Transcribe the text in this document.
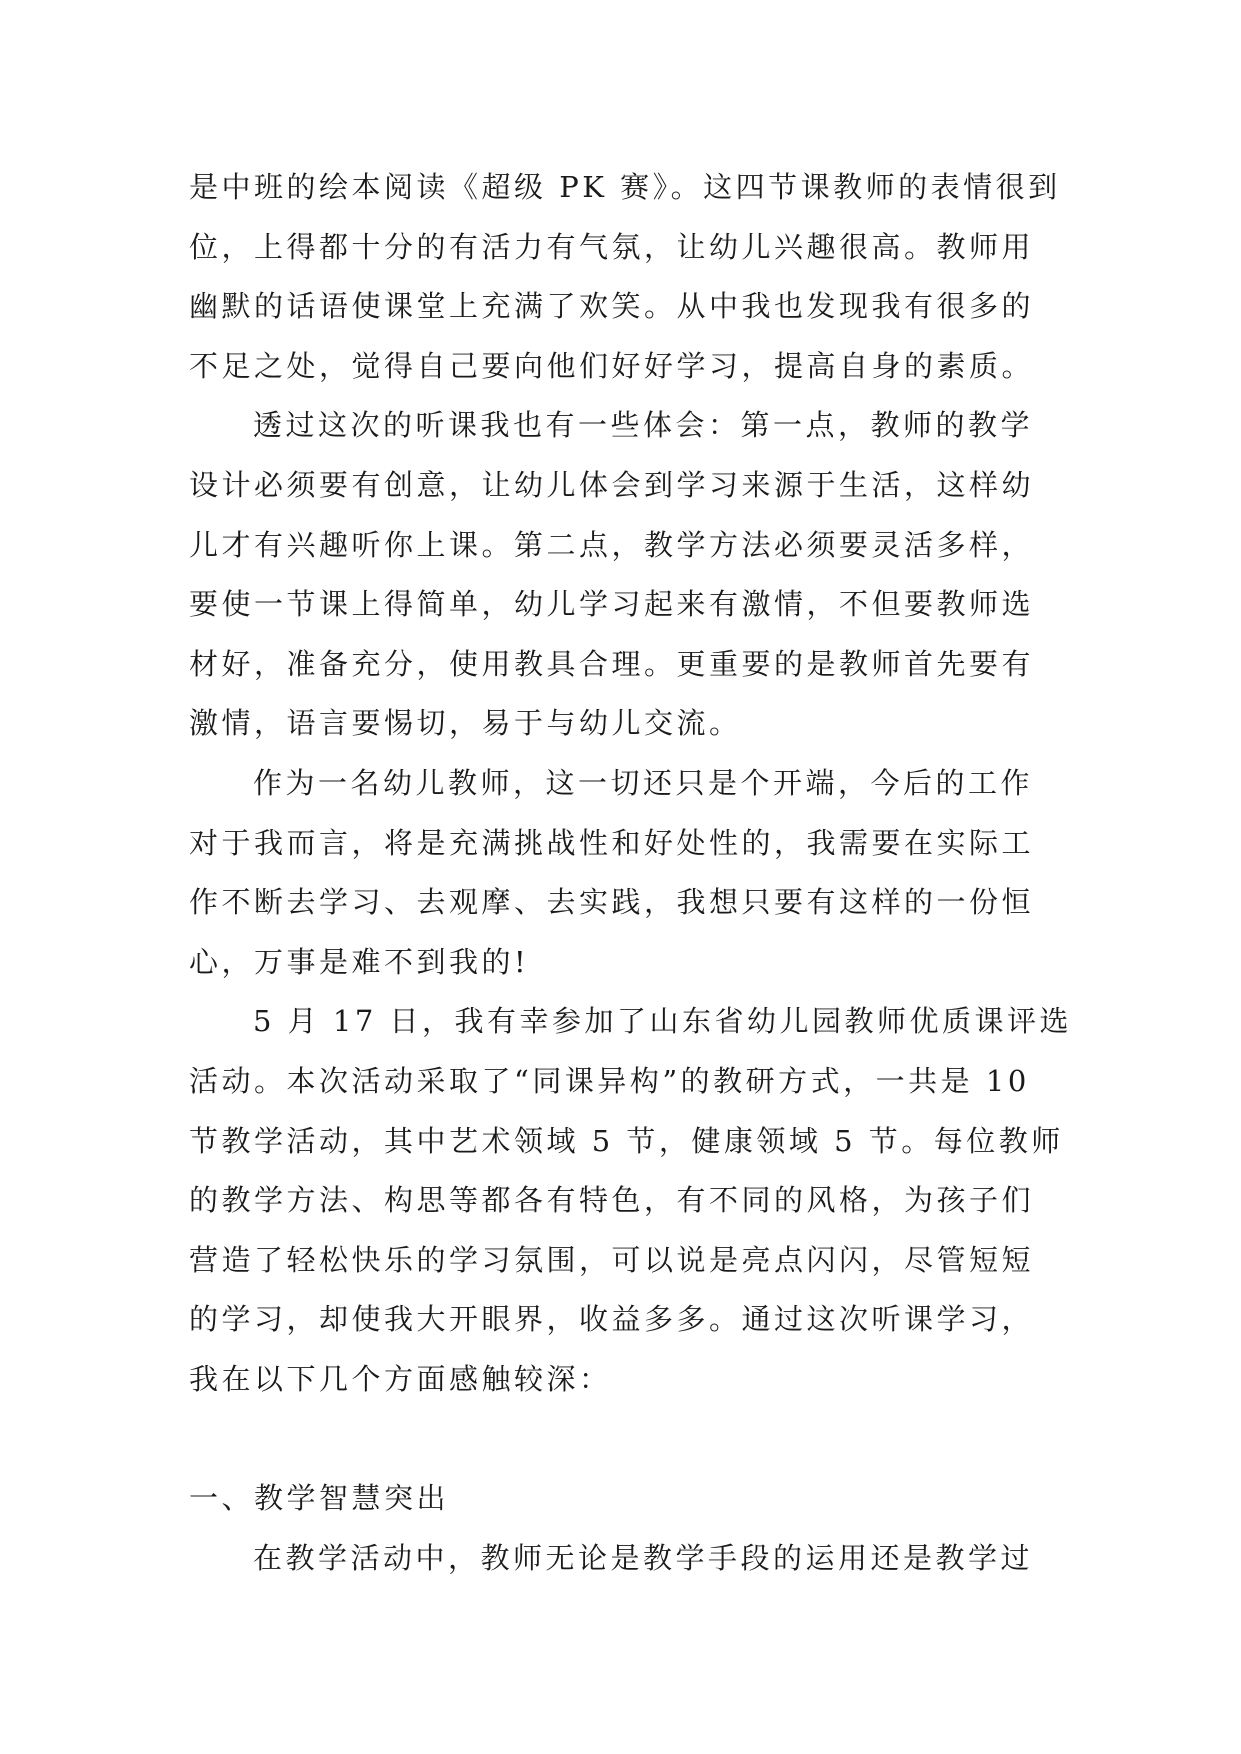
是中班的绘本阅读《超级 PK 赛》。这四节课教师的表情很到
位，上得都十分的有活力有气氛，让幼儿兴趣很高。教师用
幽默的话语使课堂上充满了欢笑。从中我也发现我有很多的
不足之处，觉得自己要向他们好好学习，提高自身的素质。
透过这次的听课我也有一些体会：第一点，教师的教学
设计必须要有创意，让幼儿体会到学习来源于生活，这样幼
儿才有兴趣听你上课。第二点，教学方法必须要灵活多样，
要使一节课上得简单，幼儿学习起来有激情，不但要教师选
材好，准备充分，使用教具合理。更重要的是教师首先要有
激情，语言要惕切，易于与幼儿交流。
作为一名幼儿教师，这一切还只是个开端，今后的工作
对于我而言，将是充满挑战性和好处性的，我需要在实际工
作不断去学习、去观摩、去实践，我想只要有这样的一份恒
心，万事是难不到我的!
5 月 17 日，我有幸参加了山东省幼儿园教师优质课评选
活动。本次活动采取了“同课异构”的教研方式，一共是 10
节教学活动，其中艺术领域 5 节，健康领域 5 节。每位教师
的教学方法、构思等都各有特色，有不同的风格，为孩子们
营造了轻松快乐的学习氛围，可以说是亮点闪闪，尽管短短
的学习，却使我大开眼界，收益多多。通过这次听课学习，
我在以下几个方面感触较深：
一、教学智慧突出
在教学活动中，教师无论是教学手段的运用还是教学过
